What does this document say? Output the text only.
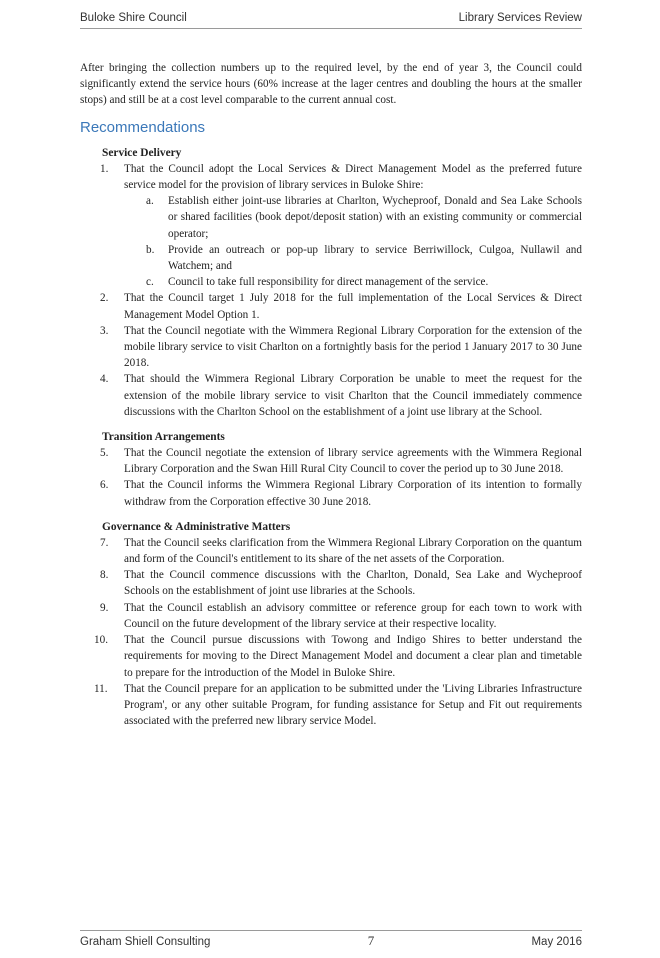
Buloke Shire Council	Library Services Review

After bringing the collection numbers up to the required level, by the end of year 3, the Council could significantly extend the service hours (60% increase at the lager centres and doubling the hours at the smaller stops) and still be at a cost level comparable to the current annual cost.

Recommendations
Service Delivery
1. That the Council adopt the Local Services & Direct Management Model as the preferred future service model for the provision of library services in Buloke Shire:
a. Establish either joint-use libraries at Charlton, Wycheproof, Donald and Sea Lake Schools or shared facilities (book depot/deposit station) with an existing community or commercial operator;
b. Provide an outreach or pop-up library to service Berriwillock, Culgoa, Nullawil and Watchem; and
c. Council to take full responsibility for direct management of the service.
2. That the Council target 1 July 2018 for the full implementation of the Local Services & Direct Management Model Option 1.
3. That the Council negotiate with the Wimmera Regional Library Corporation for the extension of the mobile library service to visit Charlton on a fortnightly basis for the period 1 January 2017 to 30 June 2018.
4. That should the Wimmera Regional Library Corporation be unable to meet the request for the extension of the mobile library service to visit Charlton that the Council immediately commence discussions with the Charlton School on the establishment of a joint use library at the School.
Transition Arrangements
5. That the Council negotiate the extension of library service agreements with the Wimmera Regional Library Corporation and the Swan Hill Rural City Council to cover the period up to 30 June 2018.
6. That the Council informs the Wimmera Regional Library Corporation of its intention to formally withdraw from the Corporation effective 30 June 2018.
Governance & Administrative Matters
7. That the Council seeks clarification from the Wimmera Regional Library Corporation on the quantum and form of the Council's entitlement to its share of the net assets of the Corporation.
8. That the Council commence discussions with the Charlton, Donald, Sea Lake and Wycheproof Schools on the establishment of joint use libraries at the Schools.
9. That the Council establish an advisory committee or reference group for each town to work with Council on the future development of the library service at their respective locality.
10. That the Council pursue discussions with Towong and Indigo Shires to better understand the requirements for moving to the Direct Management Model and document a clear plan and timetable to prepare for the introduction of the Model in Buloke Shire.
11. That the Council prepare for an application to be submitted under the 'Living Libraries Infrastructure Program', or any other suitable Program, for funding assistance for Setup and Fit out requirements associated with the preferred new library service Model.
Graham Shiell Consulting	7	May 2016
